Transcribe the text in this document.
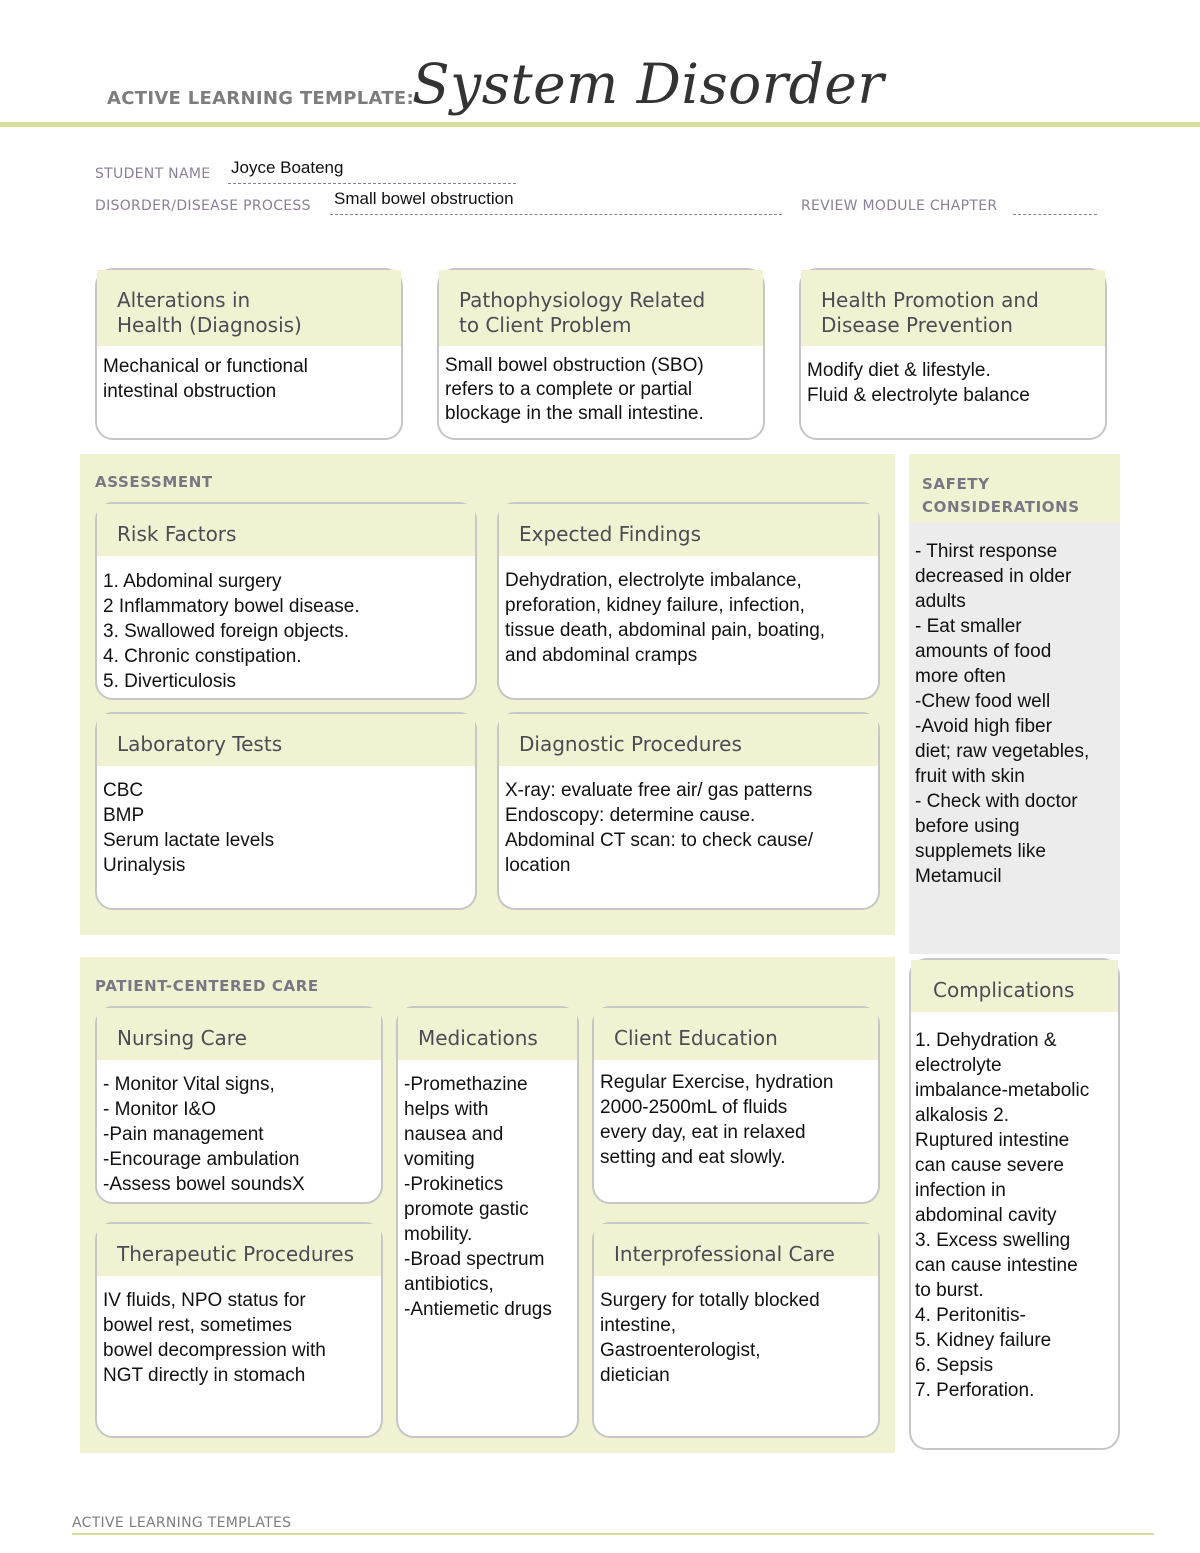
ACTIVE LEARNING TEMPLATE:
System Disorder
STUDENT NAME Joyce Boateng
DISORDER/DISEASE PROCESS Small bowel obstruction	REVIEW MODULE CHAPTER
Alterations in
Health (Diagnosis)
Mechanical or functional
intestinal obstruction
Pathophysiology Related
to Client Problem
Small bowel obstruction (SBO)
refers to a complete or partial
blockage in the small intestine.
Health Promotion and
Disease Prevention
Modify diet & lifestyle.
Fluid & electrolyte balance
ASSESSMENT
Risk Factors
1. Abdominal surgery
2 Inflammatory bowel disease.
3. Swallowed foreign objects.
4. Chronic constipation.
5. Diverticulosis
Expected Findings
Dehydration, electrolyte imbalance,
preforation, kidney failure, infection,
tissue death, abdominal pain, boating,
and abdominal cramps
Laboratory Tests
CBC
BMP
Serum lactate levels
Urinalysis
Diagnostic Procedures
X-ray: evaluate free air/ gas patterns
Endoscopy: determine cause.
Abdominal CT scan: to check cause/
location
SAFETY
CONSIDERATIONS
- Thirst response
decreased in older
adults
- Eat smaller
amounts of food
more often
-Chew food well
-Avoid high fiber
diet; raw vegetables,
fruit with skin
- Check with doctor
before using
supplemets like
Metamucil
PATIENT-CENTERED CARE
Nursing Care
- Monitor Vital signs,
- Monitor I&O
-Pain management
-Encourage ambulation
-Assess bowel soundsX
Medications
-Promethazine
helps with
nausea and
vomiting
-Prokinetics
promote gastic
mobility.
-Broad spectrum
antibiotics,
-Antiemetic drugs
Client Education
Regular Exercise, hydration
2000-2500mL of fluids
every day, eat in relaxed
setting and eat slowly.
Therapeutic Procedures
IV fluids, NPO status for
bowel rest, sometimes
bowel decompression with
NGT directly in stomach
Interprofessional Care
Surgery for totally blocked
intestine,
Gastroenterologist,
dietician
Complications
1. Dehydration &
electrolyte
imbalance-metabolic
alkalosis 2.
Ruptured intestine
can cause severe
infection in
abdominal cavity
3. Excess swelling
can cause intestine
to burst.
4. Peritonitis-
5. Kidney failure
6. Sepsis
7. Perforation.
ACTIVE LEARNING TEMPLATES
